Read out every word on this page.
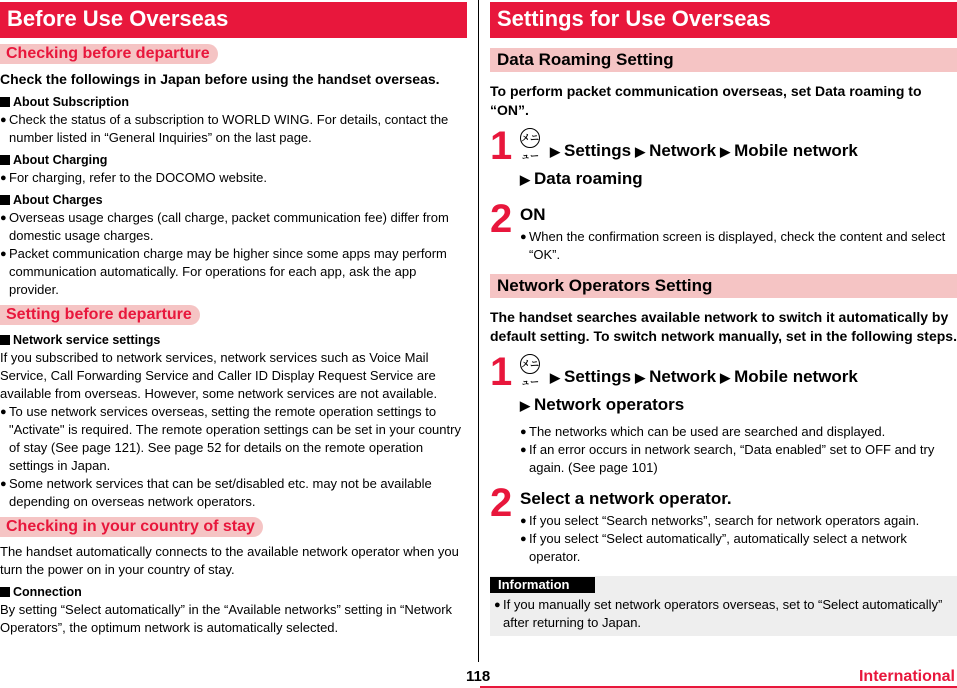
Before Use Overseas
Checking before departure

Check the followings in Japan before using the handset overseas.

About Subscription

● Check the status of a subscription to WORLD WING. For details, contact the number listed in “General Inquiries” on the last page.

About Charging

● For charging, refer to the DOCOMO website.

About Charges

● Overseas usage charges (call charge, packet communication fee) differ from domestic usage charges.
● Packet communication charge may be higher since some apps may perform communication automatically. For operations for each app, ask the app provider.
Setting before departure

Network service settings

If you subscribed to network services, network services such as Voice Mail Service, Call Forwarding Service and Caller ID Display Request Service are available from overseas. However, some network services are not available.

● To use network services overseas, setting the remote operation settings to "Activate" is required. The remote operation settings can be set in your country of stay (See page 121). See page 52 for details on the remote operation settings in Japan.
● Some network services that can be set/disabled etc. may not be available depending on overseas network operators.
Checking in your country of stay

The handset automatically connects to the available network operator when you turn the power on in your country of stay.

Connection

By setting “Select automatically” in the “Available networks” setting in “Network Operators”, the optimum network is automatically selected.

Settings for Use Overseas
Data Roaming Setting

To perform packet communication overseas, set Data roaming to “ON”.

1 メニュー ▶ Settings ▶ Network ▶ Mobile network
▶ Data roaming
2 ON
● When the confirmation screen is displayed, check the content and select “OK”.
Network Operators Setting

The handset searches available network to switch it automatically by default setting. To switch network manually, set in the following steps.

1 メニュー ▶ Settings ▶ Network ▶ Mobile network
▶ Network operators
● The networks which can be used are searched and displayed.
● If an error occurs in network search, “Data enabled” set to OFF and try again. (See page 101)
2 Select a network operator.
● If you select “Search networks”, search for network operators again.
● If you select “Select automatically”, automatically select a network operator.
Information
● If you manually set network operators overseas, set to “Select automatically” after returning to Japan.
118	International
